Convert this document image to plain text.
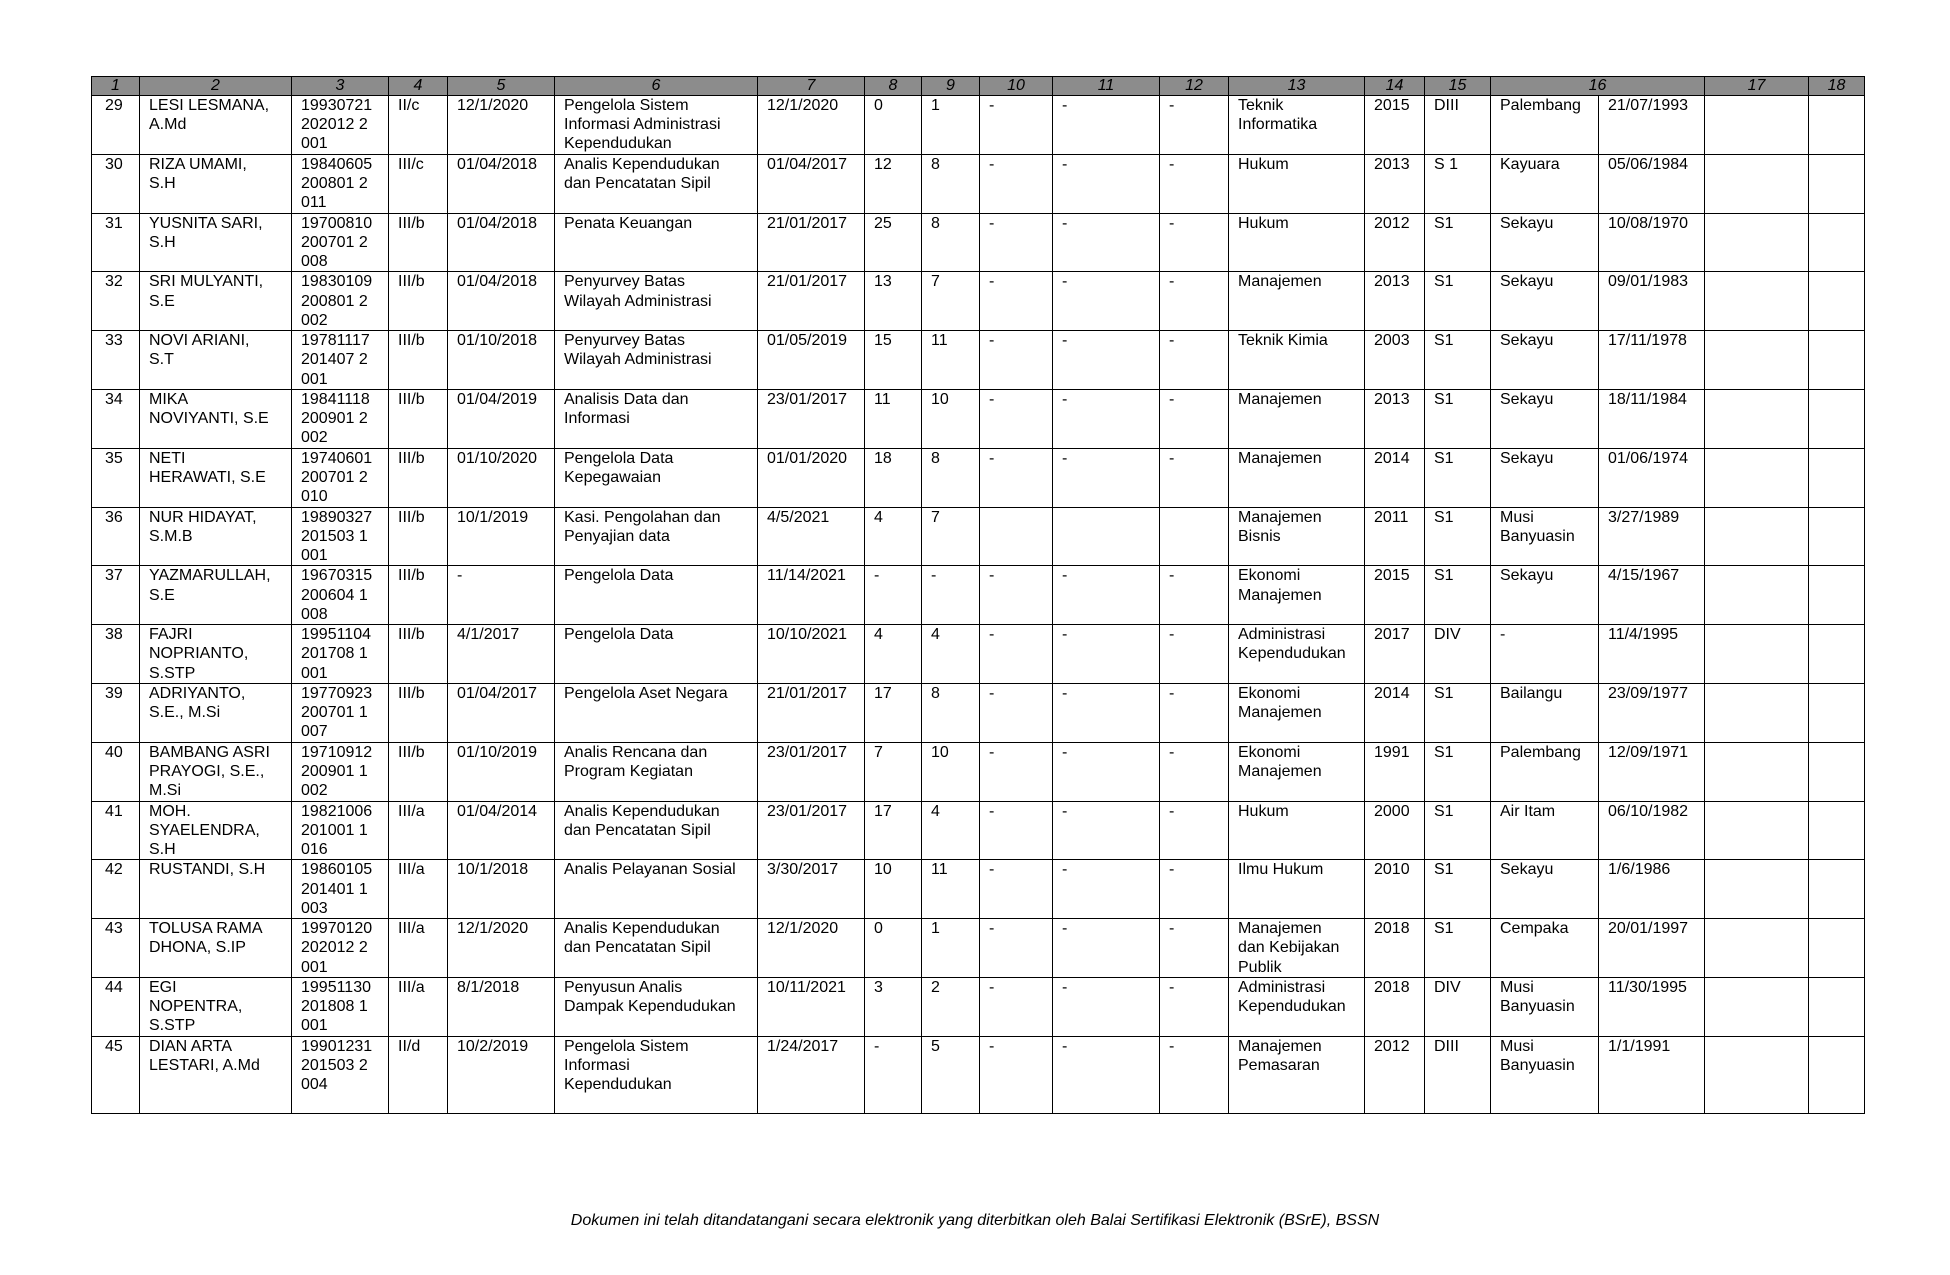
1	2	3	4	5	6	7	8	9	10	11	12	13	14	15	16		17	18
29	LESI LESMANA,
A.Md	19930721
202012 2
001	II/c	12/1/2020	Pengelola Sistem
Informasi Administrasi
Kependudukan	12/1/2020	0	1	-	-	-	Teknik
Informatika	2015	DIII	Palembang	21/07/1993		
30	RIZA UMAMI,
S.H	19840605
200801 2
011	III/c	01/04/2018	Analis Kependudukan
dan Pencatatan Sipil	01/04/2017	12	8	-	-	-	Hukum	2013	S 1	Kayuara	05/06/1984		
31	YUSNITA SARI,
S.H	19700810
200701 2
008	III/b	01/04/2018	Penata Keuangan	21/01/2017	25	8	-	-	-	Hukum	2012	S1	Sekayu	10/08/1970		
32	SRI MULYANTI,
S.E	19830109
200801 2
002	III/b	01/04/2018	Penyurvey Batas
Wilayah Administrasi	21/01/2017	13	7	-	-	-	Manajemen	2013	S1	Sekayu	09/01/1983		
33	NOVI ARIANI,
S.T	19781117
201407 2
001	III/b	01/10/2018	Penyurvey Batas
Wilayah Administrasi	01/05/2019	15	11	-	-	-	Teknik Kimia	2003	S1	Sekayu	17/11/1978		
34	MIKA
NOVIYANTI, S.E	19841118
200901 2
002	III/b	01/04/2019	Analisis Data dan
Informasi	23/01/2017	11	10	-	-	-	Manajemen	2013	S1	Sekayu	18/11/1984		
35	NETI
HERAWATI, S.E	19740601
200701 2
010	III/b	01/10/2020	Pengelola Data
Kepegawaian	01/01/2020	18	8	-	-	-	Manajemen	2014	S1	Sekayu	01/06/1974		
36	NUR HIDAYAT,
S.M.B	19890327
201503 1
001	III/b	10/1/2019	Kasi. Pengolahan dan
Penyajian data	4/5/2021	4	7				Manajemen
Bisnis	2011	S1	Musi
Banyuasin	3/27/1989		
37	YAZMARULLAH,
S.E	19670315
200604 1
008	III/b	-	Pengelola Data	11/14/2021	-	-	-	-	-	Ekonomi
Manajemen	2015	S1	Sekayu	4/15/1967		
38	FAJRI
NOPRIANTO,
S.STP	19951104
201708 1
001	III/b	4/1/2017	Pengelola Data	10/10/2021	4	4	-	-	-	Administrasi
Kependudukan	2017	DIV	-	11/4/1995		
39	ADRIYANTO,
S.E., M.Si	19770923
200701 1
007	III/b	01/04/2017	Pengelola Aset Negara	21/01/2017	17	8	-	-	-	Ekonomi
Manajemen	2014	S1	Bailangu	23/09/1977		
40	BAMBANG ASRI
PRAYOGI, S.E.,
M.Si	19710912
200901 1
002	III/b	01/10/2019	Analis Rencana dan
Program Kegiatan	23/01/2017	7	10	-	-	-	Ekonomi
Manajemen	1991	S1	Palembang	12/09/1971		
41	MOH.
SYAELENDRA,
S.H	19821006
201001 1
016	III/a	01/04/2014	Analis Kependudukan
dan Pencatatan Sipil	23/01/2017	17	4	-	-	-	Hukum	2000	S1	Air Itam	06/10/1982		
42	RUSTANDI, S.H	19860105
201401 1
003	III/a	10/1/2018	Analis Pelayanan Sosial	3/30/2017	10	11	-	-	-	Ilmu Hukum	2010	S1	Sekayu	1/6/1986		
43	TOLUSA RAMA
DHONA, S.IP	19970120
202012 2
001	III/a	12/1/2020	Analis Kependudukan
dan Pencatatan Sipil	12/1/2020	0	1	-	-	-	Manajemen
dan Kebijakan
Publik	2018	S1	Cempaka	20/01/1997		
44	EGI
NOPENTRA,
S.STP	19951130
201808 1
001	III/a	8/1/2018	Penyusun Analis
Dampak Kependudukan	10/11/2021	3	2	-	-	-	Administrasi
Kependudukan	2018	DIV	Musi
Banyuasin	11/30/1995		
45	DIAN ARTA
LESTARI, A.Md	19901231
201503 2
004	II/d	10/2/2019	Pengelola Sistem
Informasi
Kependudukan	1/24/2017	-	5	-	-	-	Manajemen
Pemasaran	2012	DIII	Musi
Banyuasin	1/1/1991		
Dokumen ini telah ditandatangani secara elektronik yang diterbitkan oleh Balai Sertifikasi Elektronik (BSrE), BSSN
